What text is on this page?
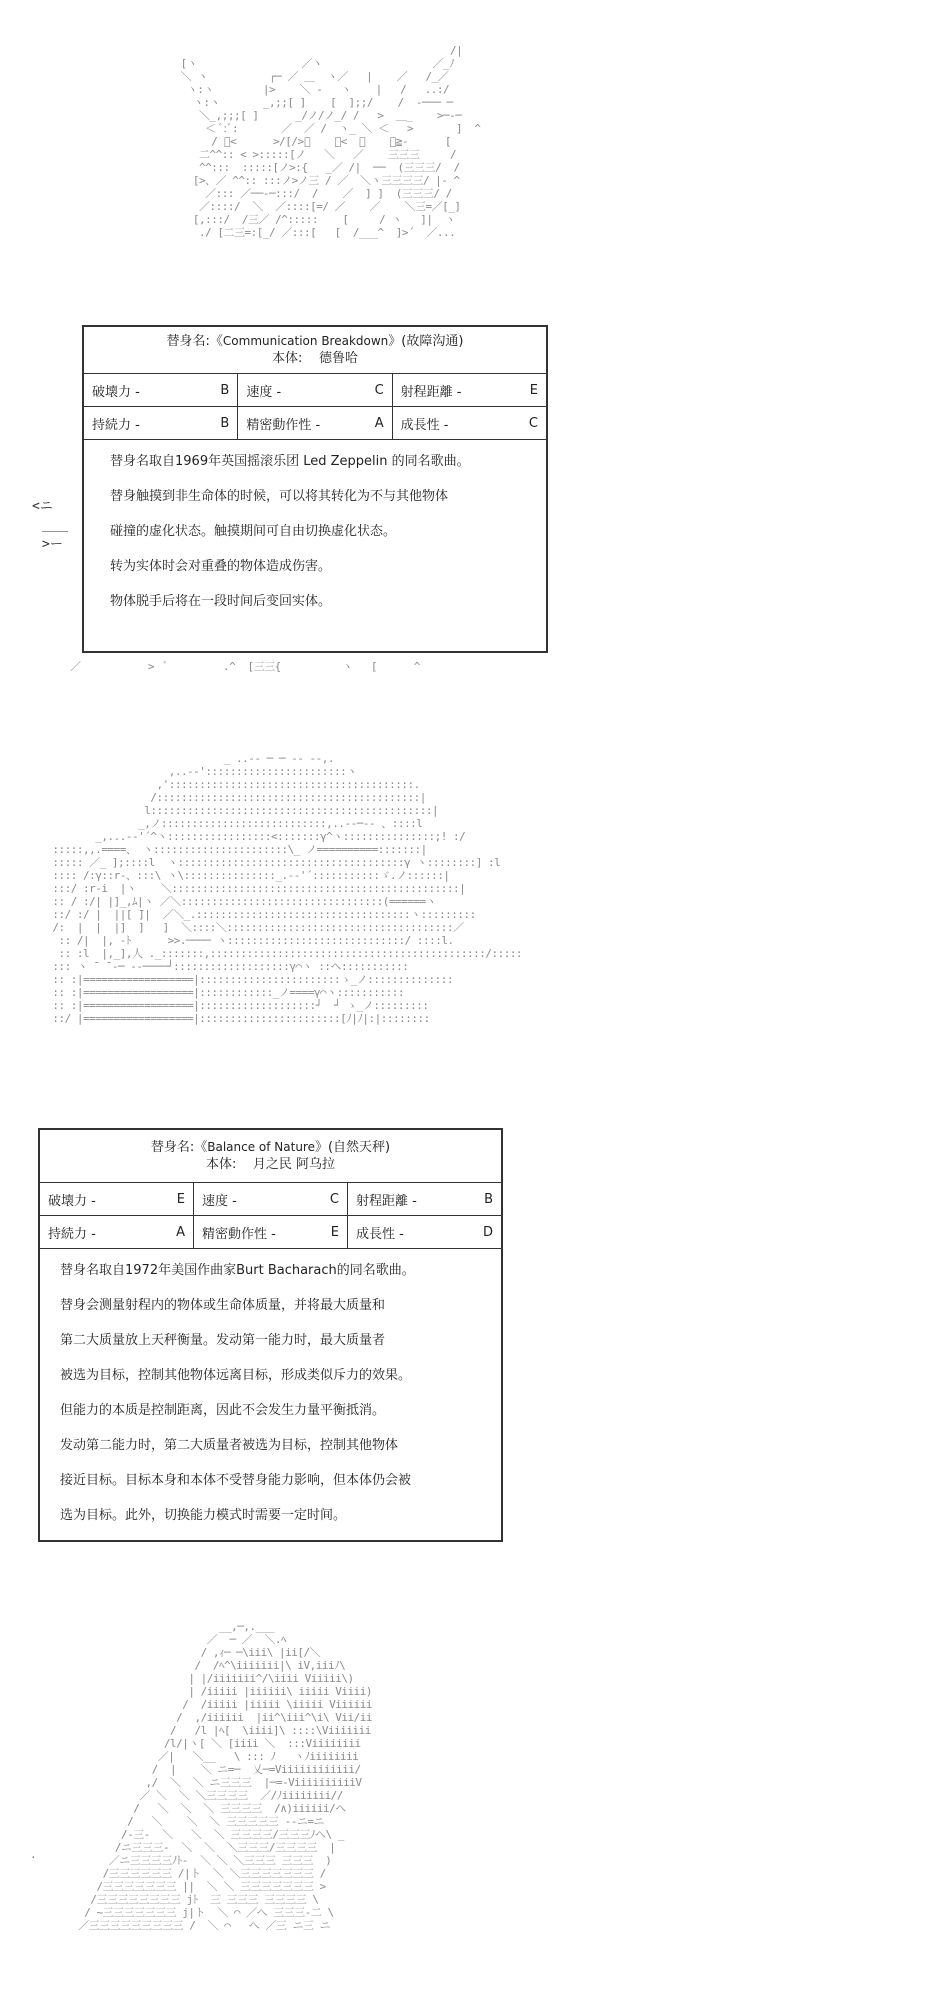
/|
[ヽ                 ／ヽ                  ／_ﾉ
＼ ヽ          ┌─ ／ ＿  ヽ／   |    ／   /_／
ヽ:ヽ        |>    ＼ -   ヽ    |   /   ..:/
ヽ:ヽ       _,;;[ ]    [  ];;/    /  -─── ─
＼_,;;;[ ]      _/ノ/ノ_/ /   >  ＿_    >─-─
＜ ﾞ:ﾞ:       ／  ／ /  ヽ_ ＼ ＜   >       ]  ^
/ ﾞ<      >/[/>ﾞ    ＞<  ／    ／≧-      [
二^^:: < >:::::[ノ   ＼   ／    三三三     /
^^:::  :::::[ノ>:{   _／ /|  ──  (三三三/  /
[>、／ ^^:: :::ノ>ノ三 / ／  ＼ヽ三三三三/ |‐ ^
／::: ／──-─:::/  /    ／  ] ]  (三三三/ /
／::::/  ＼  ／::::[=/ ／    ／    ＼三=／[_]
[,:::/  /三／ /^:::::    [     / ヽ   ]|  ヽ
./ [二三=:[_/ ／:::[   [  /___^  ]>´  ／...
替身名:《Communication Breakdown》(故障沟通)
本体: 德鲁哈
破壊力 -	B 速度 -	C 射程距離 -	E
持続力 -	B 精密動作性 -	A 成長性 -	C

替身名取自1969年英国摇滚乐团 Led Zeppelin 的同名歌曲。

替身触摸到非生命体的时候，可以将其转化为不与其他物体

碰撞的虚化状态。触摸期间可自由切换虚化状态。

转为实体时会对重叠的物体造成伤害。

物体脱手后将在一段时间后变回实体。

<ニ
＿＿
>ー
／           >  ﾞ         .^  [三三{          ヽ   [      ^
_ ..-‐ ─ ─ ‐‐ --,.
,..-‐':::::::::::::::::::::::ヽ
,'::::::::::::::::::::::::::::::::::::::::.
/:::::::::::::::::::::::::::::::::::::::::::|
l::::::::::::::::::::::::::::::::::::::::::::::|
_,ノ:::::::::::::::::::::::::::,..-‐─‐- 、::::l
_,...-‐'´^ヽ:::::::::::::::::<:::::::γ^ヽ:::::::::::::::;! :/
:::::,,.====、 ヽ::::::::::::::::::::::\_ ノ==========:::::::|
::::: ／_ ];::::l  ヽ:::::::::::::::::::::::::::::::::::::γ ヽ::::::::] :l
:::: /:γ::r-、:::\ ヽ\:::::::::::::::_.-‐'´:::::::::::ゞ.ノ::::::|
:::/ :r-i  |ヽ    ＼:::::::::::::::::::::::::::::::::::::::::::::::|
:: / :/| |]_,ﾑ|ヽ ／＼:::::::::::::::::::::::::::::::::(======ヽ
::/ :/ |  ||[ ̄]|  ／＼_.:::::::::::::::::::::::::::::::::::ヽ:::::::::
/:  |  |  |]  ]   ]  ＼::::＼:::::::::::::::::::::::::::::::::::::／
:: /|  |, -ﾄ      >>.──── ヽ:::::::::::::::::::::::::::::/ ::::l.
:: :l  |,_],人 ._:::::::,:::::::::::::::::::::::::::::::::::::::::::::/:::::
::: ヽ ˉ ˉ‐─ ‐‐────┘:::::::::::::::::::γ⌒ヽ ::ヘ:::::::::::
:: :|==================|:::::::::::::::::::::::ゝ_ノ::::::::::::::
:: :|==================|::::::::::::_ノ====γ⌒ヽ:::::::::::
:: :|==================|:::::::::::::::::::┘  ┘ ゝ_ノ:::::::::
::/ |==================|:::::::::::::::::::::::[ﾉ|ﾉ|:|::::::::
替身名:《Balance of Nature》(自然天秤)
本体: 月之民 阿乌拉
破壊力 -	E 速度 -	C 射程距離 -	B
持続力 -	A 精密動作性 -	E 成長性 -	D

替身名取自1972年美国作曲家Burt Bacharach的同名歌曲。

替身会测量射程内的物体或生命体质量，并将最大质量和

第二大质量放上天秤衡量。发动第一能力时，最大质量者

被选为目标，控制其他物体远离目标，形成类似斥力的效果。

但能力的本质是控制距离，因此不会发生力量平衡抵消。

发动第二能力时，第二大质量者被选为目标，控制其他物体

接近目标。目标本身和本体不受替身能力影响，但本体仍会被

选为目标。此外，切换能力模式时需要一定时间。

__,─,.___
／  ─ ／  ＼.ﾍ
/ ,ｨ─ ─\iii\ |ii[/＼
/  /ﾍ^\iiiiiii|\ iV,iiiﾉ\
| |/iiiiiii^/\iiii Viiiii\)
| /iiiii |iiiiii\ iiiii Viiii)
/  /iiiii |iiiii \iiiii Viiiiii
/  ,/iiiiii  |ii^\iii^\i\ Vii/ii
/   /l |ﾍ[  \iiii]\ ::::\Viiiiiii
/l/|ヽ[ ＼ [iiii ＼  :::Viiiiiiii
／|   ＼__   \ ::: ﾉ   ヽﾉiiiiiiii
/  |    ＼ ニ=─  乂─=Viiiiiiiiiiii/
,/  ＼  ＼ ニ三三三  |─=-ViiiiiiiiiiV
／ ＼  ＼ ＼三三三三  ／/ﾉiiiiiiii//
/   ＼  ＼  ＼ 三三三三  /∧)iiiiii/ヘ
/   ＼    ＼  ＼ 三三三三三 -‐ニ=ニ
/‐三-  ＼   ＼  ＼ 三三三三/三三三ﾉへ\ _
/ニ三三三-  ＼  ＼  ＼三三三/三三三三  |
／ニ三三三三ﾉﾄ-  ＼ ＼ ＼三三三 三三三  )
/三三三三三三 /|ト  ＼ ＼三三三三三三三 /
/三三三三三三三 ||  ＼ ＼ 三三三三三三三 >
/三三三三三三三三 jﾄ  三 三三三 三三三三 \
/ ~三三三三三三三 j|ト  ＼ ⌒ ／へ 三三三‐二 \
／三三三三三三三三三 /  ＼ ⌒   へ ／三 ニ三 ニ
.
